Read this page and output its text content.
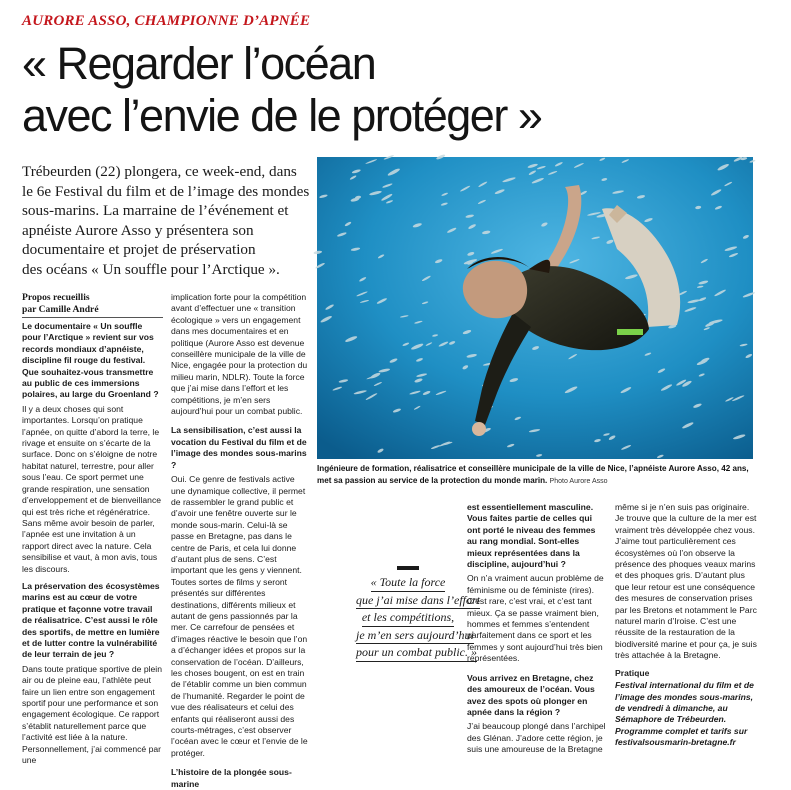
AURORE ASSO, CHAMPIONNE D’APNÉE
« Regarder l’océan
avec l’envie de le protéger »
Trébeurden (22) plongera, ce week-end, dans
le 6e Festival du film et de l’image des mondes
sous-marins. La marraine de l’événement et
apnéiste Aurore Asso y présentera son
documentaire et projet de préservation
des océans « Un souffle pour l’Arctique ».
Ingénieure de formation, réalisatrice et conseillère municipale de la ville de Nice, l’apnéiste Aurore Asso, 42 ans, met sa passion au service de la protection du monde marin. Photo Aurore Asso
Propos recueillis
par Camille André

Le documentaire « Un souffle pour l’Arctique » revient sur vos records mondiaux d’apnéiste, discipline fil rouge du festival. Que souhaitez-vous transmettre au public de ces immersions polaires, au large du Groenland ?

Il y a deux choses qui sont importantes. Lorsqu’on pratique l’apnée, on quitte d’abord la terre, le rivage et ensuite on s’écarte de la surface. Donc on s’éloigne de notre habitat naturel, terrestre, pour aller sous l’eau. Ce sport permet une grande respiration, une sensation d’enveloppement et de bienveillance qui est très riche et régénératrice. Sans même avoir besoin de parler, l’apnée est une invitation à un rapport direct avec la nature. Cela sensibilise et vaut, à mon avis, tous les discours.

La préservation des écosystèmes marins est au cœur de votre pratique et façonne votre travail de réalisatrice. C’est aussi le rôle des sportifs, de mettre en lumière et de lutter contre la vulnérabilité de leur terrain de jeu ?

Dans toute pratique sportive de plein air ou de pleine eau, l’athlète peut faire un lien entre son engagement sportif pour une performance et son engagement écologique. Ce rapport s’établit naturellement parce que l’activité est liée à la nature. Personnellement, j’ai commencé par une

implication forte pour la compétition avant d’effectuer une « transition écologique » vers un engagement dans mes documentaires et en politique (Aurore Asso est devenue conseillère municipale de la ville de Nice, engagée pour la protection du milieu marin, NDLR). Toute la force que j’ai mise dans l’effort et les compétitions, je m’en sers aujourd’hui pour un combat public.

La sensibilisation, c’est aussi la vocation du Festival du film et de l’image des mondes sous-marins ?

Oui. Ce genre de festivals active une dynamique collective, il permet de rassembler le grand public et d’avoir une fenêtre ouverte sur le monde sous-marin. Celui-là se passe en Bretagne, pas dans le centre de Paris, et cela lui donne d’autant plus de sens. C’est important que les gens y viennent. Toutes sortes de films y seront présentés sur différentes destinations, différents milieux et autant de gens passionnés par la mer. Ce carrefour de pensées et d’images réactive le besoin que l’on a d’échanger idées et propos sur la conservation de l’océan. D’ailleurs, les choses bougent, on est en train de l’établir comme un bien commun de l’humanité. Regarder le point de vue des réalisateurs et celui des enfants qui réaliseront aussi des courts-métrages, c’est observer l’océan avec le cœur et l’envie de le protéger.

L’histoire de la plongée sous-marine

« Toute la force
que j’ai mise dans l’effort
et les compétitions,
je m’en sers aujourd’hui
pour un combat public. »

est essentiellement masculine. Vous faites partie de celles qui ont porté le niveau des femmes au rang mondial. Sont-elles mieux représentées dans la discipline, aujourd’hui ?

On n’a vraiment aucun problème de féminisme ou de féministe (rires). C’est rare, c’est vrai, et c’est tant mieux. Ça se passe vraiment bien, hommes et femmes s’entendent parfaitement dans ce sport et les femmes y sont aujourd’hui très bien représentées.

Vous arrivez en Bretagne, chez des amoureux de l’océan. Vous avez des spots où plonger en apnée dans la région ?

J’ai beaucoup plongé dans l’archipel des Glénan. J’adore cette région, je suis une amoureuse de la Bretagne

même si je n’en suis pas originaire. Je trouve que la culture de la mer est vraiment très développée chez vous. J’aime tout particulièrement ces écosystèmes où l’on observe la présence des phoques veaux marins et des phoques gris. D’autant plus que leur retour est une conséquence des mesures de conservation prises par les Bretons et notamment le Parc naturel marin d’Iroise. C’est une réussite de la restauration de la biodiversité marine et pour ça, je suis très attachée à la Bretagne.

Pratique

Festival international du film et de l’image des mondes sous-marins, de vendredi à dimanche, au Sémaphore de Trébeurden. Programme complet et tarifs sur festivalsousmarin-bretagne.fr
